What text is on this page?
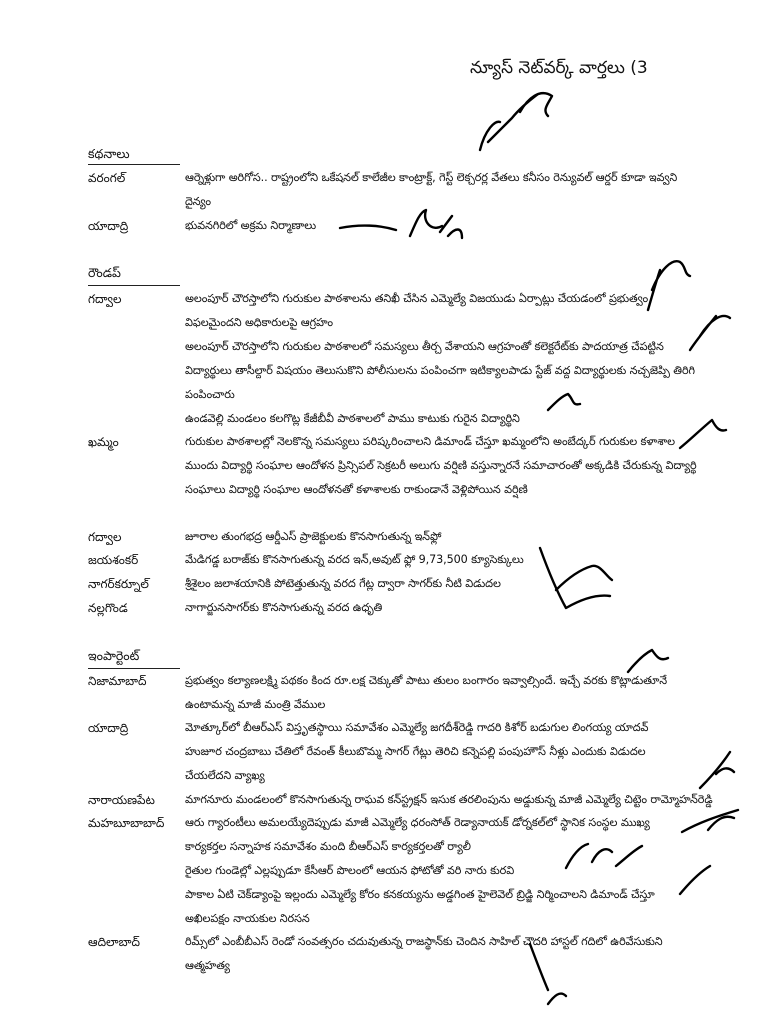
న్యూస్ నెట్‌వర్క్ వార్తలు (3
కథనాలు
వరంగల్	ఆర్నెళ్లుగా అరిగోస.. రాష్ట్రంలోని ఒకేషనల్ కాలేజీల కాంట్రాక్ట్, గెస్ట్ లెక్చరర్ల వేతలు కనీసం రెన్యువల్ ఆర్డర్ కూడా ఇవ్వని
దైన్యం
యాదాద్రి	భువనగిరిలో అక్రమ నిర్మాణాలు
రౌండప్
గద్వాల	అలంపూర్ చౌరస్తాలోని గురుకుల పాఠశాలను తనిఖీ చేసిన ఎమ్మెల్యే విజయుడు ఏర్పాట్లు చేయడంలో ప్రభుత్వం
విఫలమైందని అధికారులపై ఆగ్రహం
అలంపూర్ చౌరస్తాలోని గురుకుల పాఠశాలలో సమస్యలు తీర్చ వేశాయని ఆగ్రహంతో కలెక్టరేట్‌కు పాదయాత్ర చేపట్టిన
విద్యార్థులు తాసీల్దార్ విషయం తెలుసుకొని పోలీసులను పంపించగా ఇటిక్యాలపాడు స్టేజ్ వద్ద విద్యార్థులకు నచ్చజెప్పి తిరిగి
పంపించారు
ఉండవెల్లి మండలం కలగొట్ల కేజీబీవీ పాఠశాలలో పాము కాటుకు గురైన విద్యార్థిని
ఖమ్మం	గురుకుల పాఠశాలల్లో నెలకొన్న సమస్యలు పరిష్కరించాలని డిమాండ్ చేస్తూ ఖమ్మంలోని అంబేద్కర్ గురుకుల కళాశాల
ముందు విద్యార్థి సంఘాల ఆందోళన ప్రిన్సిపల్ సెక్రటరీ అలుగు వర్షిణి వస్తున్నారనే సమాచారంతో అక్కడికి చేరుకున్న విద్యార్థి
సంఘాలు విద్యార్థి సంఘాల ఆందోళనతో కళాశాలకు రాకుండానే వెళ్లిపోయిన వర్షిణి
గద్వాల	జూరాల తుంగభద్ర ఆర్డీఎస్ ప్రాజెక్టులకు కొనసాగుతున్న ఇన్‌ఫ్లో
జయశంకర్	మేడిగడ్డ బరాజ్‌కు కొనసాగుతున్న వరద ఇన్,అవుట్ ఫ్లో 9,73,500 క్యూసెక్కులు
నాగర్‌కర్నూల్	శ్రీశైలం జలాశయానికి పోటెత్తుతున్న వరద గేట్ల ద్వారా సాగర్‌కు నీటి విడుదల
నల్లగొండ	నాగార్జునసాగర్‌కు కొనసాగుతున్న వరద ఉధృతి
ఇంపార్టెంట్
నిజామాబాద్	ప్రభుత్వం కల్యాణలక్ష్మి పథకం కింద రూ.లక్ష చెక్కుతో పాటు తులం బంగారం ఇవ్వాల్సిందే. ఇచ్చే వరకు కొట్లాడుతూనే
ఉంటామన్న మాజీ మంత్రి వేముల
యాదాద్రి	మోత్కూర్‌లో బీఆర్ఎస్ విస్తృతస్థాయి సమావేశం ఎమ్మెల్యే జగదీశ్‌రెడ్డి గాదరి కిశోర్ బడుగుల లింగయ్య యాదవ్
హుజూర చంద్రబాబు చేతిలో రేవంత్ కీలుబొమ్మ సాగర్ గేట్లు తెరిచి కన్నెపల్లి పంపుహౌస్ నీళ్లు ఎందుకు విడుదల
చేయలేదని వ్యాఖ్య
నారాయణపేట	మాగనూరు మండలంలో కొనసాగుతున్న రాఘవ కన్‌స్ట్రక్షన్ ఇసుక తరలింపును అడ్డుకున్న మాజీ ఎమ్మెల్యే చిట్టెం రామ్మోహన్‌రెడ్డి
మహబూబాబాద్ ఆరు గ్యారంటీలు అమలయ్యేదెప్పుడు మాజీ ఎమ్మెల్యే ధరంసోత్ రెడ్యానాయక్ డోర్నకల్‌లో స్థానిక సంస్థల ముఖ్య
కార్యకర్తల సన్నాహక సమావేశం మంది బీఆర్ఎస్ కార్యకర్తలతో ర్యాలీ
రైతుల గుండెల్లో ఎల్లప్పుడూ కేసీఆర్ పొలంలో ఆయన ఫోటోతో వరి నారు కురవి
పాకాల ఏటి చెక్‌డ్యాంపై ఇల్లందు ఎమ్మెల్యే కోరం కనకయ్యను అడ్డగింత హైలెవెల్ బ్రిడ్జి నిర్మించాలని డిమాండ్ చేస్తూ
అఖిలపక్షం నాయకుల నిరసన
ఆదిలాబాద్	రిమ్స్‌లో ఎంబీబీఎస్ రెండో సంవత్సరం చదువుతున్న రాజస్థాన్‌కు చెందిన సాహిల్ చౌదరి హాస్టల్ గదిలో ఉరివేసుకుని
ఆత్మహత్య
